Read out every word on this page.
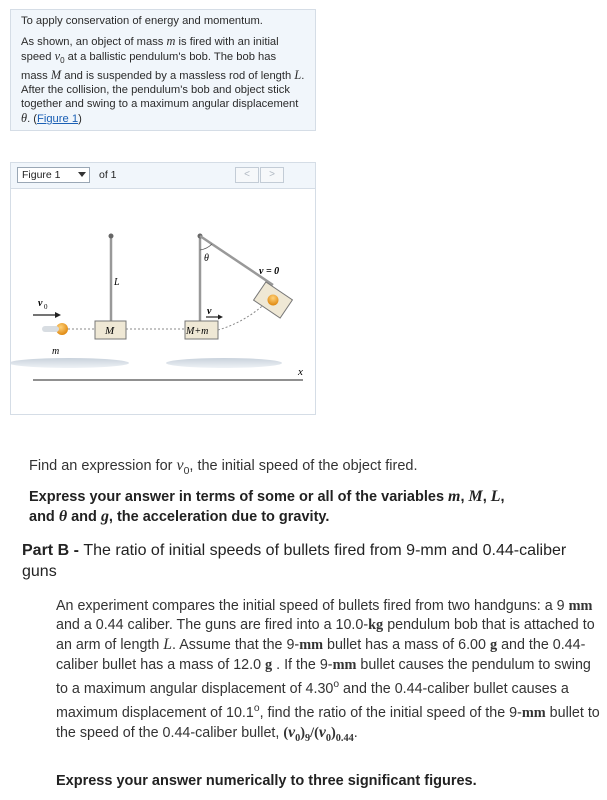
To apply conservation of energy and momentum.

As shown, an object of mass m is fired with an initial speed $v_0$ at a ballistic pendulum's bob. The bob has mass M and is suspended by a massless rod of length L. After the collision, the pendulum's bob and object stick together and swing to a maximum angular displacement θ. (Figure 1)

Figure 1	of 1	<	>
x
L
M
v 0
m
M+m
v
θ
v = 0
Find an expression for $v_0$, the initial speed of the object fired.
Express your answer in terms of some or all of the variables m, M, L,
and θ and g, the acceleration due to gravity.
Part B - The ratio of initial speeds of bullets fired from 9-mm and 0.44-caliber guns
An experiment compares the initial speed of bullets fired from two handguns: a 9 mm and a 0.44 caliber. The guns are fired into a 10.0-kg pendulum bob that is attached to an arm of length L. Assume that the 9-mm bullet has a mass of 6.00 g and the 0.44-caliber bullet has a mass of 12.0 g . If the 9-mm bullet causes the pendulum to swing to a maximum angular displacement of 4.30$^o$ and the 0.44-caliber bullet causes a maximum displacement of 10.1$^o$, find the ratio of the initial speed of the 9-mm bullet to the speed of the 0.44-caliber bullet, $(v_0)_9/(v_0)_{0.44}$.
Express your answer numerically to three significant figures.
